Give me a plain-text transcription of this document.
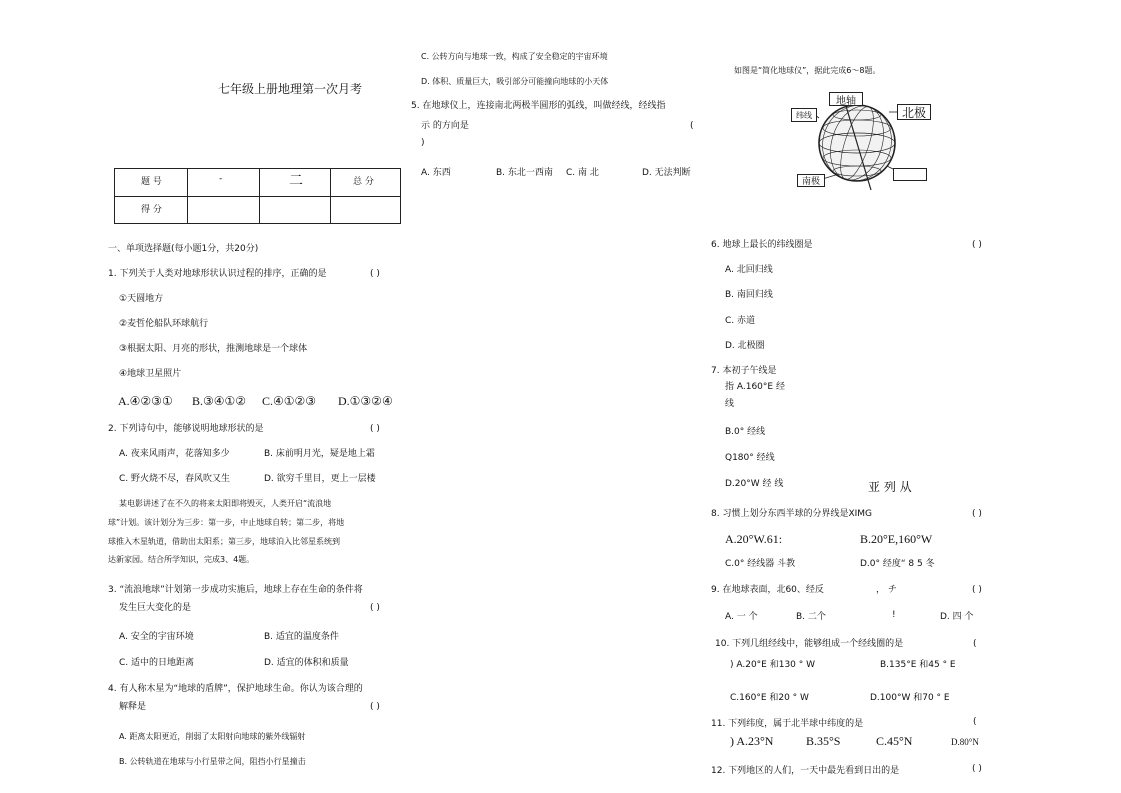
七年级上册地理第一次月考
题 号	-	二	总 分
得 分
一、单项选择题(每小题1分，共20分)
1. 下列关于人类对地球形状认识过程的排序，正确的是	( )
①天圆地方
②麦哲伦船队环球航行
③根据太阳、月亮的形状，推测地球是一个球体
④地球卫星照片
A.④②③① B.③④①② C.④①②③ D.①③②④
2. 下列诗句中，能够说明地球形状的是	( )
A. 夜来风雨声，花落知多少	B. 床前明月光，疑是地上霜
C. 野火烧不尽，春风吹又生	D. 欲穷千里目，更上一层楼
某电影讲述了在不久的将来太阳即将毁灭，人类开启“流浪地
球”计划。该计划分为三步：第一步，中止地球自转；第二步，将地
球推入木星轨道，借助出太阳系；第三步，地球泊入比邻星系统到
达新家园。结合所学知识，完成3、4题。
3. “流浪地球”计划第一步成功实施后，地球上存在生命的条件将
发生巨大变化的是	( )
A. 安全的宇宙环境	B. 适宜的温度条件
C. 适中的日地距离	D. 适宜的体积和质量
4. 有人称木星为“地球的盾牌”，保护地球生命。你认为该合理的
解释是	( )
A. 距离太阳更近，削弱了太阳射向地球的紫外线辐射
B. 公转轨道在地球与小行星带之间，阻挡小行星撞击
C. 公转方向与地球一致，构成了安全稳定的宇宙环境
D. 体积、质量巨大，吸引部分可能撞向地球的小天体
5. 在地球仪上，连接南北两极半圆形的弧线，叫做经线，经线指
示 的方向是	(
)
A. 东西	B. 东北一西南 C. 南 北	D. 无法判断
如图是“简化地球仪”，据此完成6～8题。
地轴
北极
纬线
南极
6. 地球上最长的纬线圈是	( )
A. 北回归线
B. 南回归线
C. 赤道
D. 北极圈
7. 本初子午线是
指 A.160°E 经
线
B.0° 经线
Q180° 经线
D.20°W 经 线	亚 列 从
8. 习惯上划分东西半球的分界线是XIMG	( )
A.20°W.61:	B.20°E,160°W
C.0° 经线器 斗教	D.0° 经度“ 8 5 冬
9. 在地球表面，北60、经反	， チ	( )
A. 一 个	B. 二个	!	D. 四 个
10. 下列几组经线中，能够组成一个经线圈的是	(
) A.20°E 和130 ° W	B.135°E 和45 ° E
C.160°E 和20 ° W	D.100°W 和70 ° E
11. 下列纬度，属于北半球中纬度的是	(
) A.23°N	B.35°S	C.45°N	D.80°N
12. 下列地区的人们，一天中最先看到日出的是	( )
